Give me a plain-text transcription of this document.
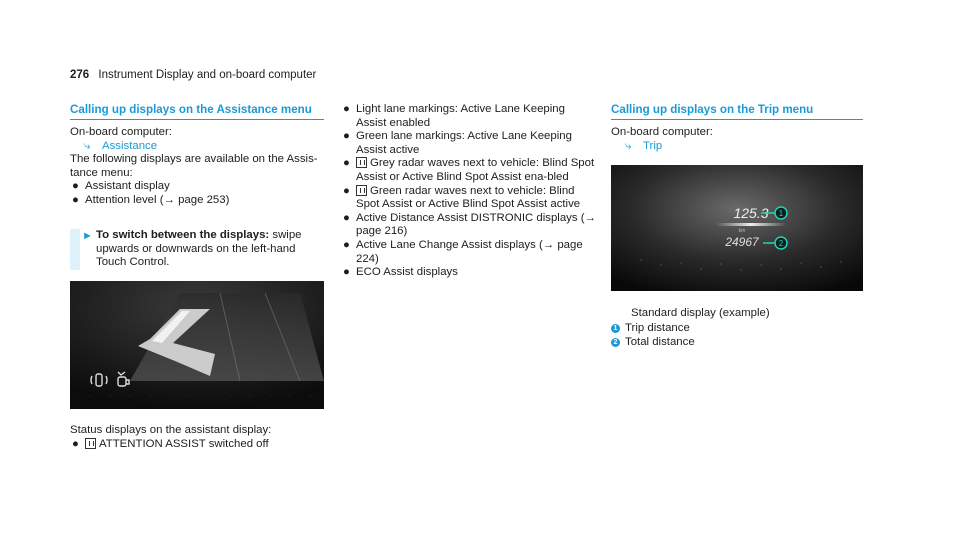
276 Instrument Display and on-board computer
Calling up displays on the Assistance menu

On-board computer:

⤷ Assistance

The following displays are available on the Assis-tance menu:

● Assistant display
● Attention level (→ page 253)
► To switch between the displays: swipe upwards or downwards on the left-hand Touch Control.
Status displays on the assistant display:
● ATTENTION ASSIST switched off
● Light lane markings: Active Lane Keeping Assist enabled
● Green lane markings: Active Lane Keeping Assist active
● Grey radar waves next to vehicle: Blind Spot Assist or Active Blind Spot Assist ena-bled
● Green radar waves next to vehicle: Blind Spot Assist or Active Blind Spot Assist active
● Active Distance Assist DISTRONIC displays (→ page 216)
● Active Lane Change Assist displays (→ page 224)
● ECO Assist displays
Calling up displays on the Trip menu

On-board computer:

⤷ Trip
125.3
km
24967
1
2
Standard display (example)
1 Trip distance
2 Total distance
